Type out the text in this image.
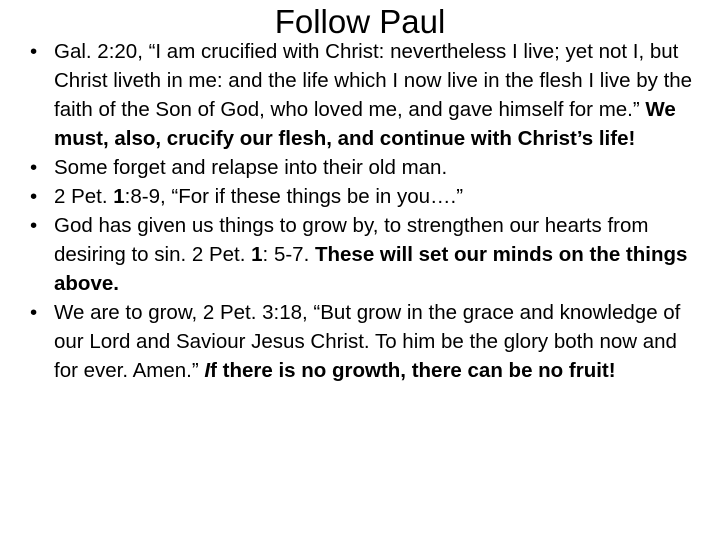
Follow Paul
• Gal. 2:20, “I am crucified with Christ: nevertheless I live; yet not I, but Christ liveth in me: and the life which I now live in the flesh I live by the faith of the Son of God, who loved me, and gave himself for me.” We must, also, crucify our flesh, and continue with Christ’s life!
• Some forget and relapse into their old man.
• 2 Pet. 1:8-9, “For if these things be in you….”
• God has given us things to grow by, to strengthen our hearts from desiring to sin. 2 Pet. 1: 5-7. These will set our minds on the things above.
• We are to grow, 2 Pet. 3:18, “But grow in the grace and knowledge of our Lord and Saviour Jesus Christ. To him be the glory both now and for ever. Amen.” If there is no growth, there can be no fruit!
